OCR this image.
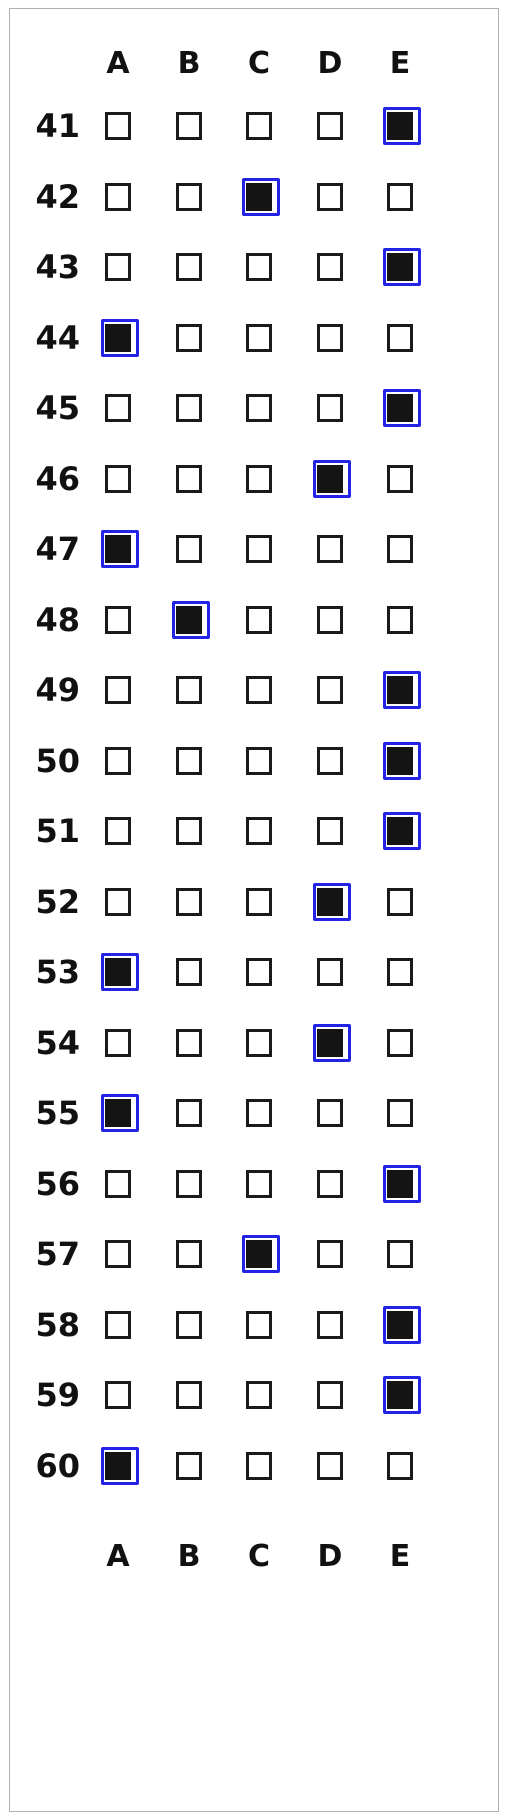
A B C D	E
41
42
43
44
45
46
47
48
49
50
51
52
53
54
55
56
57
58
59
60
A B C D	E
